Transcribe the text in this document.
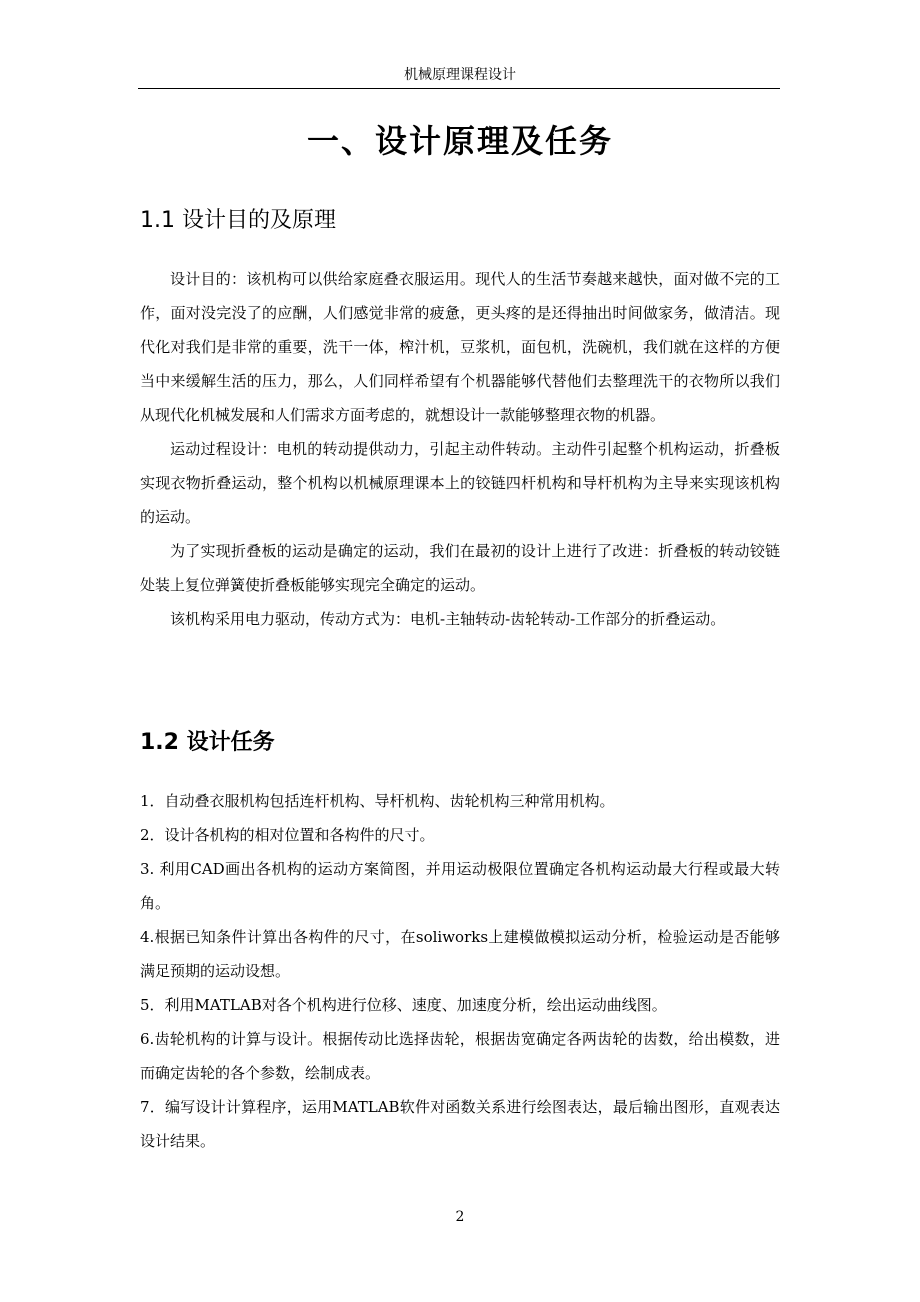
机械原理课程设计
一、设计原理及任务
1.1 设计目的及原理

设计目的：该机构可以供给家庭叠衣服运用。现代人的生活节奏越来越快，面对做不完的工作，面对没完没了的应酬，人们感觉非常的疲惫，更头疼的是还得抽出时间做家务，做清洁。现代化对我们是非常的重要，洗干一体，榨汁机，豆浆机，面包机，洗碗机，我们就在这样的方便当中来缓解生活的压力，那么，人们同样希望有个机器能够代替他们去整理洗干的衣物所以我们从现代化机械发展和人们需求方面考虑的，就想设计一款能够整理衣物的机器。

运动过程设计：电机的转动提供动力，引起主动件转动。主动件引起整个机构运动，折叠板实现衣物折叠运动，整个机构以机械原理课本上的铰链四杆机构和导杆机构为主导来实现该机构的运动。

为了实现折叠板的运动是确定的运动，我们在最初的设计上进行了改进：折叠板的转动铰链处装上复位弹簧使折叠板能够实现完全确定的运动。

该机构采用电力驱动，传动方式为：电机-主轴转动-齿轮转动-工作部分的折叠运动。

1.2 设计任务

1．自动叠衣服机构包括连杆机构、导杆机构、齿轮机构三种常用机构。

2．设计各机构的相对位置和各构件的尺寸。

3. 利用CAD画出各机构的运动方案简图，并用运动极限位置确定各机构运动最大行程或最大转角。

4.根据已知条件计算出各构件的尺寸，在soliworks上建模做模拟运动分析，检验运动是否能够满足预期的运动设想。

5．利用MATLAB对各个机构进行位移、速度、加速度分析，绘出运动曲线图。

6.齿轮机构的计算与设计。根据传动比选择齿轮，根据齿宽确定各两齿轮的齿数，给出模数，进而确定齿轮的各个参数，绘制成表。

7．编写设计计算程序，运用MATLAB软件对函数关系进行绘图表达，最后输出图形，直观表达设计结果。

2
